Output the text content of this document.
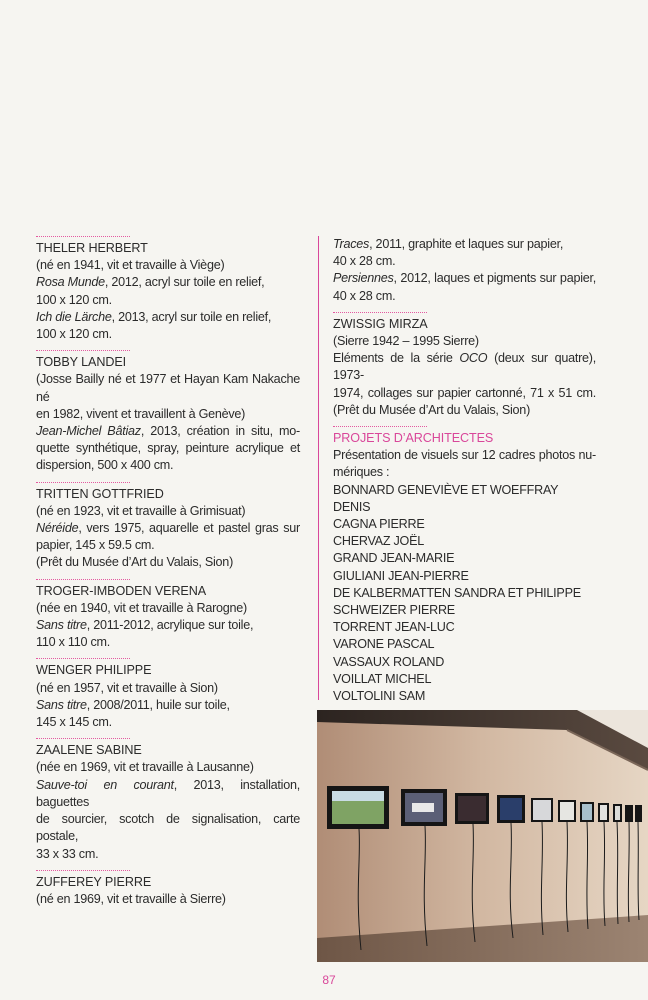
THELER HERBERT
(né en 1941, vit et travaille à Viège)
Rosa Munde, 2012, acryl sur toile en relief,
100 x 120 cm.
Ich die Lärche, 2013, acryl sur toile en relief,
100 x 120 cm.
TOBBY LANDEI
(Josse Bailly né et 1977 et Hayan Kam Nakache né
en 1982, vivent et travaillent à Genève)
Jean-Michel Bâtiaz, 2013, création in situ, mo-
quette synthétique, spray, peinture acrylique et
dispersion, 500 x 400 cm.
TRITTEN GOTTFRIED
(né en 1923, vit et travaille à Grimisuat)
Néréide, vers 1975, aquarelle et pastel gras sur
papier, 145 x 59.5 cm.
(Prêt du Musée d’Art du Valais, Sion)
TROGER-IMBODEN VERENA
(née en 1940, vit et travaille à Rarogne)
Sans titre, 2011-2012, acrylique sur toile,
110 x 110 cm.
WENGER PHILIPPE
(né en 1957, vit et travaille à Sion)
Sans titre, 2008/2011, huile sur toile,
145 x 145 cm.
ZAALENE SABINE
(née en 1969, vit et travaille à Lausanne)
Sauve-toi en courant, 2013, installation, baguettes
de sourcier, scotch de signalisation, carte postale,
33 x 33 cm.
ZUFFEREY PIERRE
(né en 1969, vit et travaille à Sierre)
Traces, 2011, graphite et laques sur papier,
40 x 28 cm.
Persiennes, 2012, laques et pigments sur papier,
40 x 28 cm.
ZWISSIG MIRZA
(Sierre 1942 – 1995 Sierre)
Eléments de la série OCO (deux sur quatre), 1973-
1974, collages sur papier cartonné, 71 x 51 cm.
(Prêt du Musée d’Art du Valais, Sion)
PROJETS D’ARCHITECTES
Présentation de visuels sur 12 cadres photos nu-
mériques :
BONNARD GENEVIÈVE ET WOEFFRAY DENIS
CAGNA PIERRE
CHERVAZ JOËL
GRAND JEAN-MARIE
GIULIANI JEAN-PIERRE
DE KALBERMATTEN SANDRA ET PHILIPPE
SCHWEIZER PIERRE
TORRENT JEAN-LUC
VARONE PASCAL
VASSAUX ROLAND
VOILLAT MICHEL
VOLTOLINI SAM
87
